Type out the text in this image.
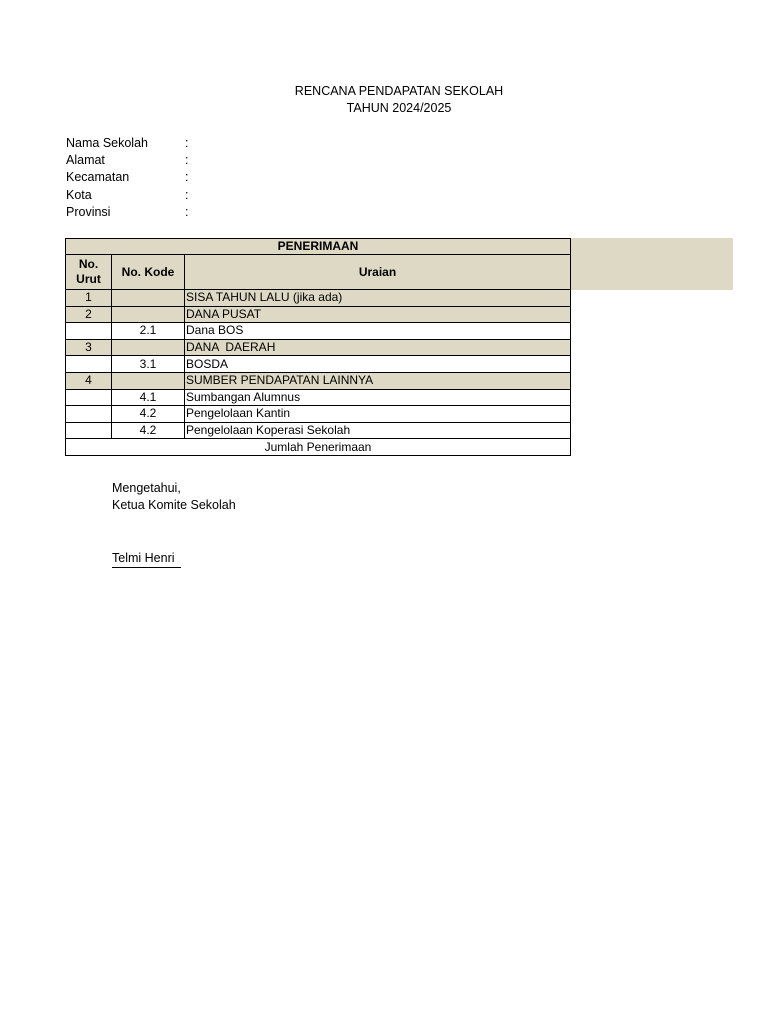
RENCANA PENDAPATAN SEKOLAH
TAHUN 2024/2025
Nama Sekolah	:
Alamat	:
Kecamatan	:
Kota	:
Provinsi	:
PENERIMAAN		
No. Urut	No. Kode	Uraian
1		SISA TAHUN LALU (jika ada)
2		DANA PUSAT
	2.1	Dana BOS
3		DANA  DAERAH
	3.1	BOSDA
4		SUMBER PENDAPATAN LAINNYA
	4.1	Sumbangan Alumnus
	4.2	Pengelolaan Kantin
	4.2	Pengelolaan Koperasi Sekolah
Jumlah Penerimaan		
Mengetahui,
Ketua Komite Sekolah
Telmi Henri
